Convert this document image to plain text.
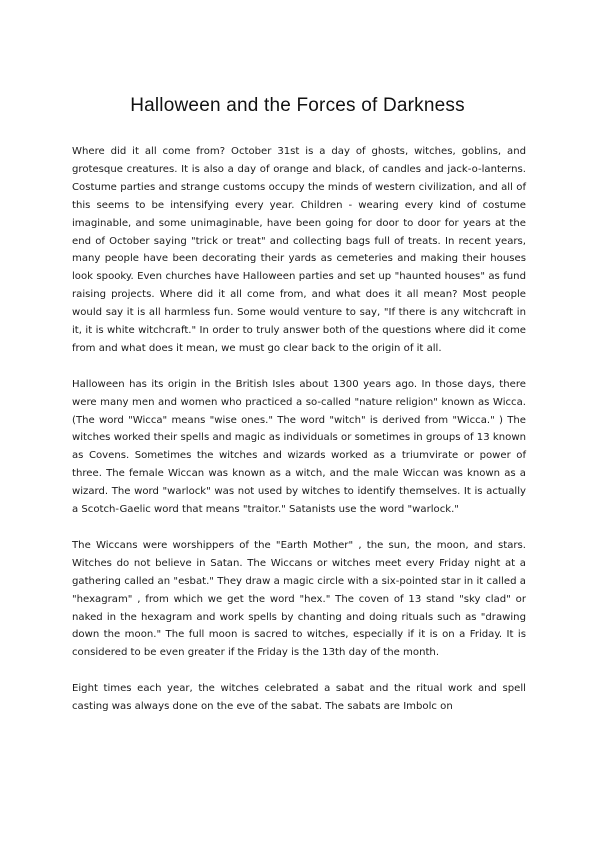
Halloween and the Forces of Darkness

Where did it all come from? October 31st is a day of ghosts, witches, goblins, and grotesque creatures. It is also a day of orange and black, of candles and jack-o-lanterns. Costume parties and strange customs occupy the minds of western civilization, and all of this seems to be intensifying every year. Children - wearing every kind of costume imaginable, and some unimaginable, have been going for door to door for years at the end of October saying "trick or treat" and collecting bags full of treats. In recent years, many people have been decorating their yards as cemeteries and making their houses look spooky. Even churches have Halloween parties and set up "haunted houses" as fund raising projects. Where did it all come from, and what does it all mean? Most people would say it is all harmless fun. Some would venture to say, "If there is any witchcraft in it, it is white witchcraft." In order to truly answer both of the questions where did it come from and what does it mean, we must go clear back to the origin of it all.

Halloween has its origin in the British Isles about 1300 years ago. In those days, there were many men and women who practiced a so-called "nature religion" known as Wicca. (The word "Wicca" means "wise ones." The word "witch" is derived from "Wicca." ) The witches worked their spells and magic as individuals or sometimes in groups of 13 known as Covens. Sometimes the witches and wizards worked as a triumvirate or power of three. The female Wiccan was known as a witch, and the male Wiccan was known as a wizard. The word "warlock" was not used by witches to identify themselves. It is actually a Scotch-Gaelic word that means "traitor." Satanists use the word "warlock."

The Wiccans were worshippers of the "Earth Mother" , the sun, the moon, and stars. Witches do not believe in Satan. The Wiccans or witches meet every Friday night at a gathering called an "esbat." They draw a magic circle with a six-pointed star in it called a "hexagram" , from which we get the word "hex." The coven of 13 stand "sky clad" or naked in the hexagram and work spells by chanting and doing rituals such as "drawing down the moon." The full moon is sacred to witches, especially if it is on a Friday. It is considered to be even greater if the Friday is the 13th day of the month.

Eight times each year, the witches celebrated a sabat and the ritual work and spell casting was always done on the eve of the sabat. The sabats are Imbolc on
